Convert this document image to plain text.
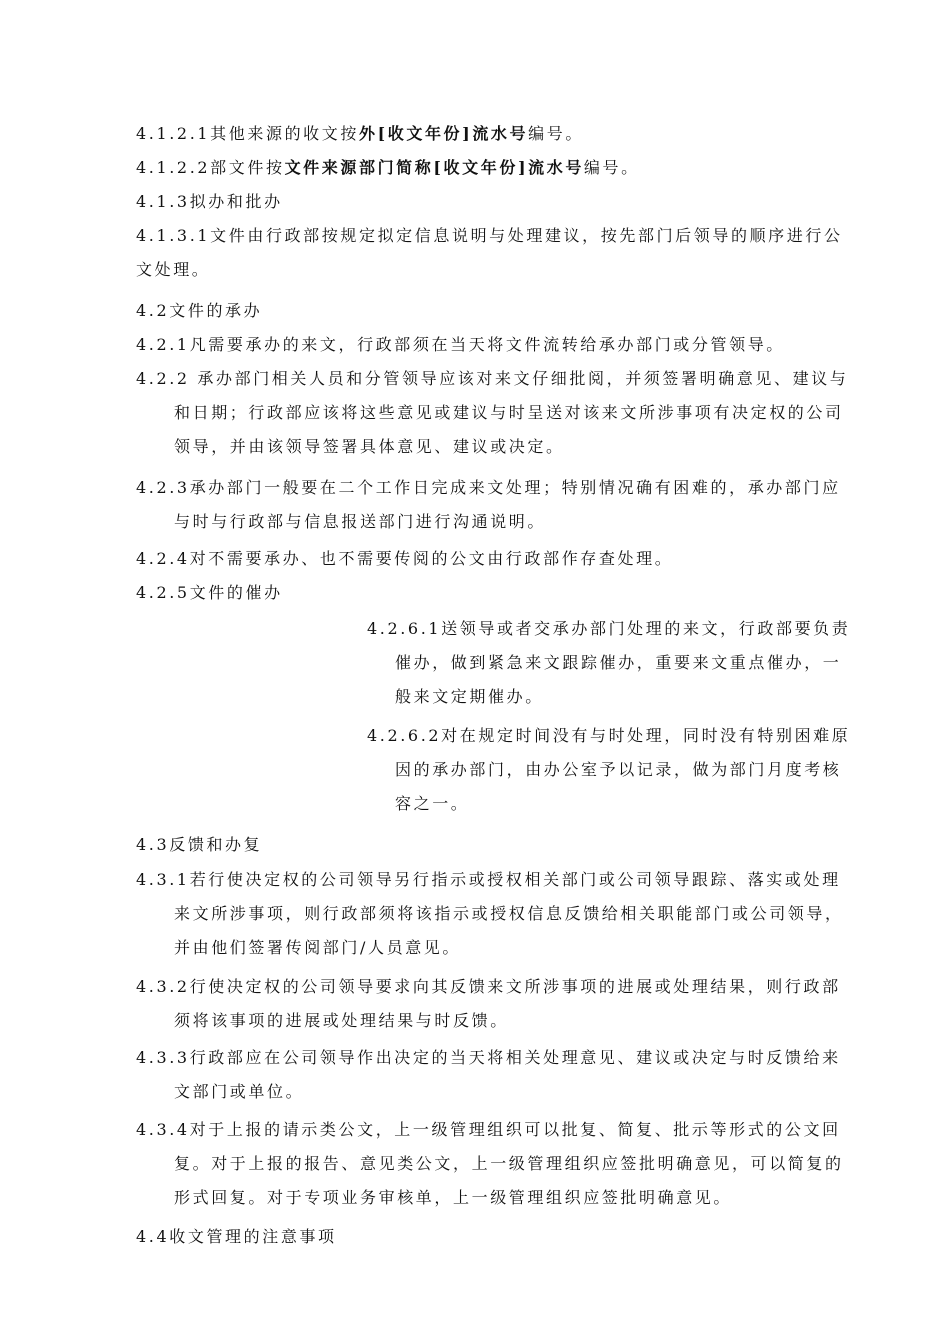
4.1.2.1其他来源的收文按外[收文年份]流水号编号。
4.1.2.2部文件按文件来源部门简称[收文年份]流水号编号。
4.1.3拟办和批办
4.1.3.1文件由行政部按规定拟定信息说明与处理建议，按先部门后领导的顺序进行公
文处理。
4.2文件的承办
4.2.1凡需要承办的来文，行政部须在当天将文件流转给承办部门或分管领导。
4.2.2 承办部门相关人员和分管领导应该对来文仔细批阅，并须签署明确意见、建议与
和日期；行政部应该将这些意见或建议与时呈送对该来文所涉事项有决定权的公司
领导，并由该领导签署具体意见、建议或决定。
4.2.3承办部门一般要在二个工作日完成来文处理；特别情况确有困难的，承办部门应
与时与行政部与信息报送部门进行沟通说明。
4.2.4对不需要承办、也不需要传阅的公文由行政部作存查处理。
4.2.5文件的催办
4.2.6.1送领导或者交承办部门处理的来文，行政部要负责
催办，做到紧急来文跟踪催办，重要来文重点催办，一
般来文定期催办。
4.2.6.2对在规定时间没有与时处理，同时没有特别困难原
因的承办部门，由办公室予以记录，做为部门月度考核
容之一。
4.3反馈和办复
4.3.1若行使决定权的公司领导另行指示或授权相关部门或公司领导跟踪、落实或处理
来文所涉事项，则行政部须将该指示或授权信息反馈给相关职能部门或公司领导，
并由他们签署传阅部门/人员意见。
4.3.2行使决定权的公司领导要求向其反馈来文所涉事项的进展或处理结果，则行政部
须将该事项的进展或处理结果与时反馈。
4.3.3行政部应在公司领导作出决定的当天将相关处理意见、建议或决定与时反馈给来
文部门或单位。
4.3.4对于上报的请示类公文，上一级管理组织可以批复、简复、批示等形式的公文回
复。对于上报的报告、意见类公文，上一级管理组织应签批明确意见，可以简复的
形式回复。对于专项业务审核单，上一级管理组织应签批明确意见。
4.4收文管理的注意事项
